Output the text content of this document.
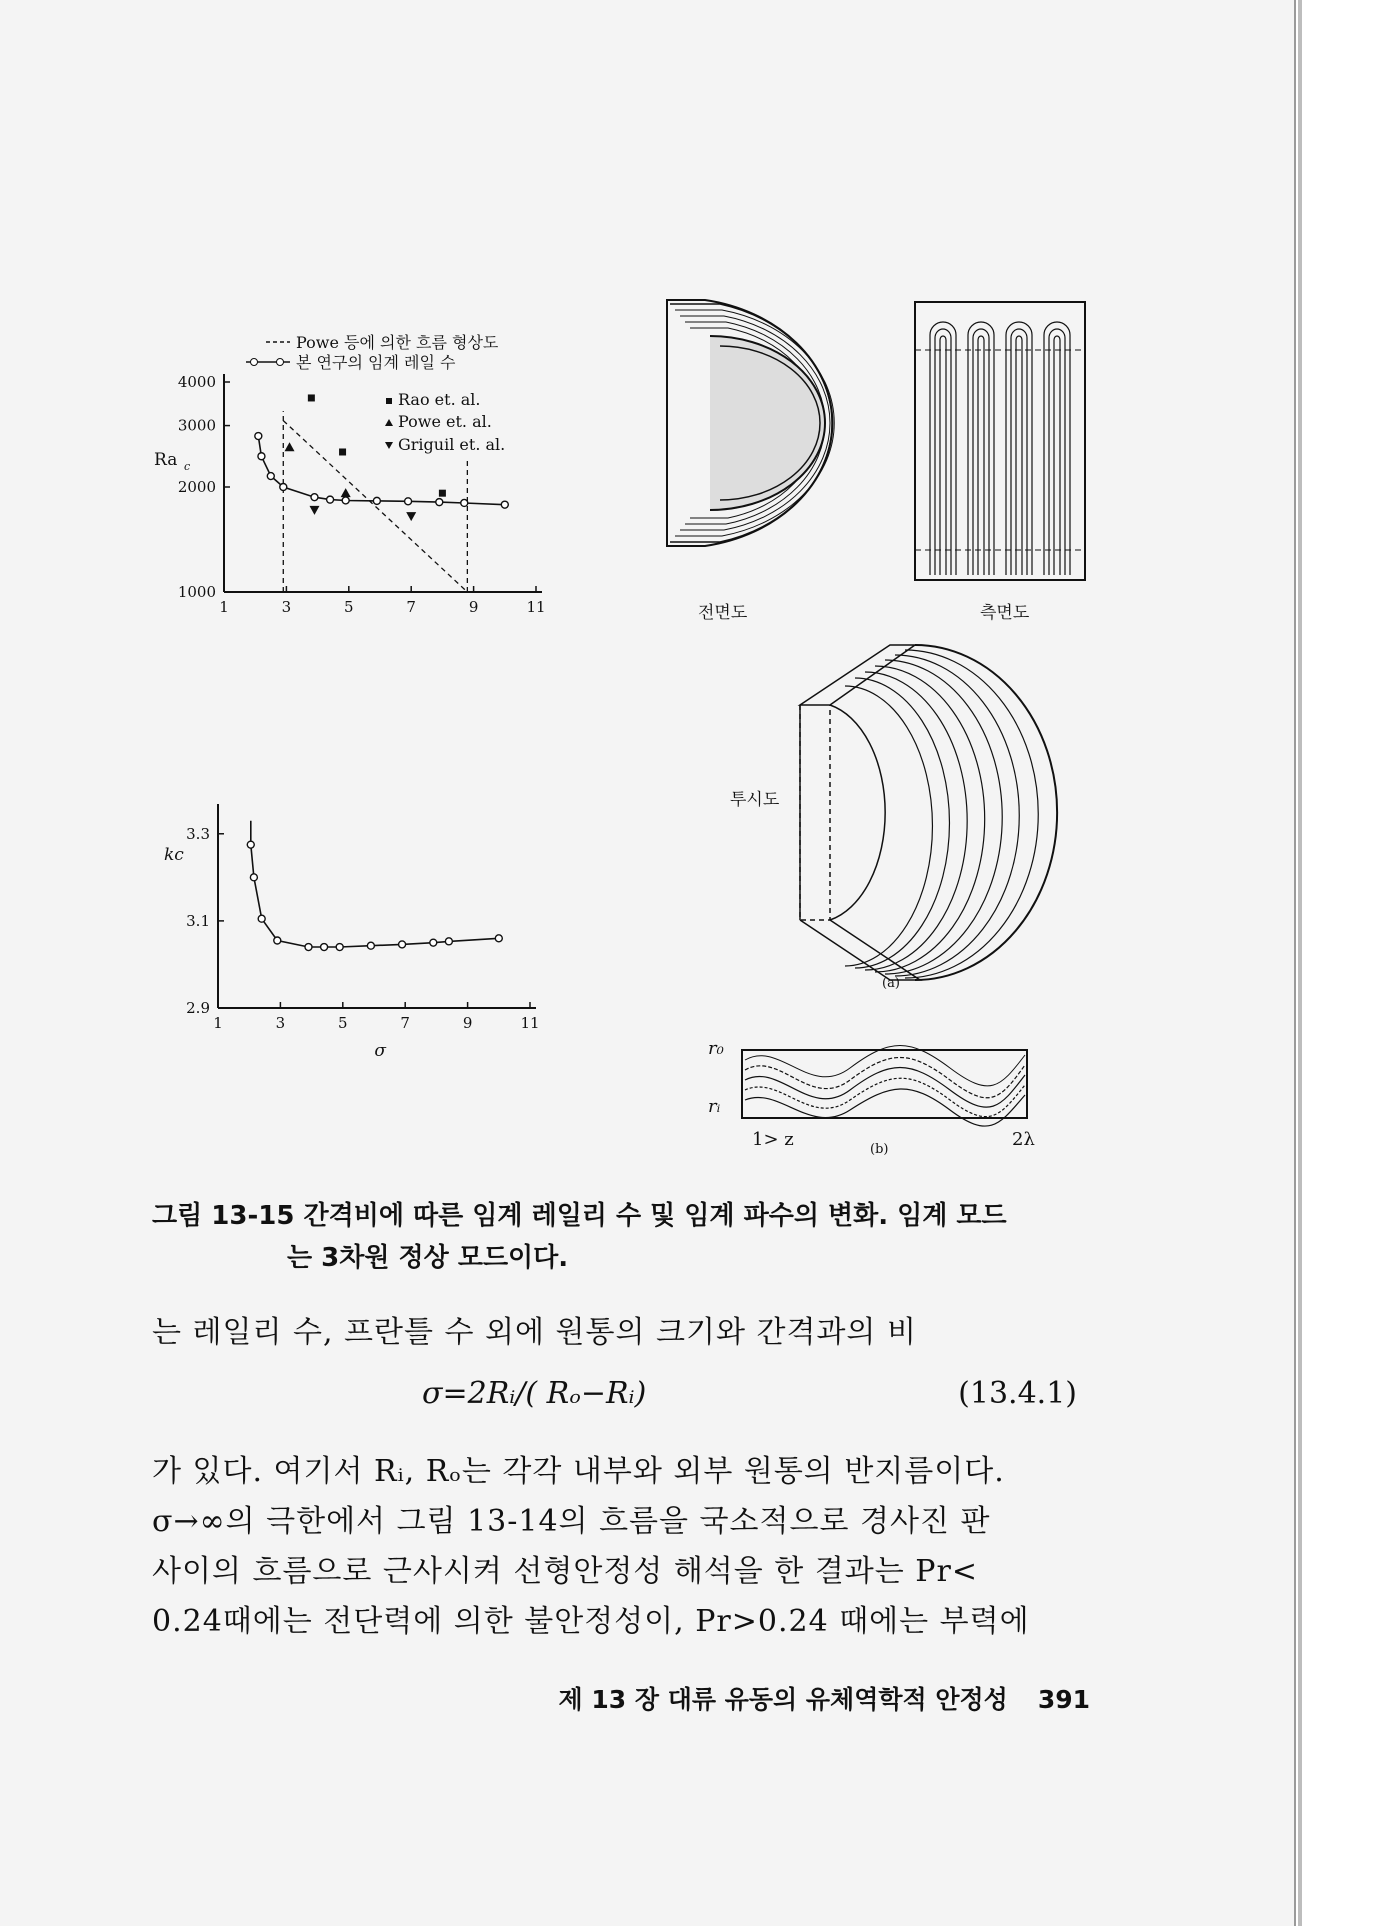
1	3	5	7	9	11
4000
3000
2000
1000
Ra c
Powe 등에 의한 흐름 형상도
본 연구의 임계 레일 수
Rao et. al.
Powe et. al.
Griguil et. al.
1	3	5	7	9	11
3.3
3.1
2.9
kc
σ
전면도	측면도
투시도
(a)
r₀
rᵢ
1> z	(b)	2λ
그림 13-15 간격비에 따른 임계 레일리 수 및 임계 파수의 변화. 임계 모드
는 3차원 정상 모드이다.
는 레일리 수, 프란틀 수 외에 원통의 크기와 간격과의 비
σ=2Rᵢ/( Rₒ−Rᵢ)	(13.4.1)
가 있다. 여기서 Rᵢ, Rₒ는 각각 내부와 외부 원통의 반지름이다.
σ→∞의 극한에서 그림 13-14의 흐름을 국소적으로 경사진 판
사이의 흐름으로 근사시켜 선형안정성 해석을 한 결과는 Pr<
0.24때에는 전단력에 의한 불안정성이, Pr>0.24 때에는 부력에
제 13 장 대류 유동의 유체역학적 안정성 391
